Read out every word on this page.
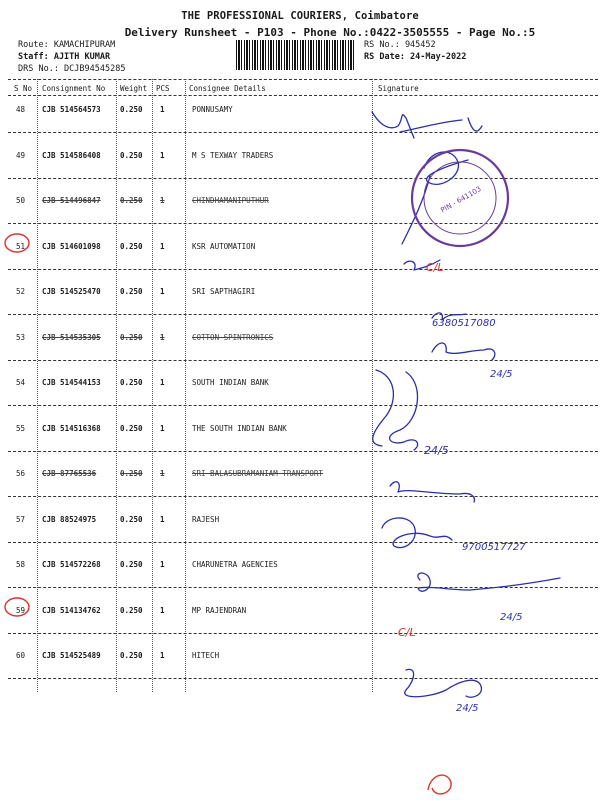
THE PROFESSIONAL COURIERS, Coimbatore
Delivery Runsheet - P103 - Phone No.:0422-3505555 - Page No.:5
Route: KAMACHIPURAM
Staff: AJITH KUMAR
DRS No.: DCJB94545285
RS No.: 945452
RS Date: 24-May-2022
S No Consignment No Weight PCS	Consignee Details	Signature
48 CJB 514564573	0.250 1	PONNUSAMY
49 CJB 514586408	0.250 1	M S TEXWAY TRADERS
50 CJB 514496847	0.250 1	CHINDHAMANIPUTHUR
51 CJB 514601098	0.250 1	KSR AUTOMATION
52 CJB 514525470	0.250 1	SRI SAPTHAGIRI
53 CJB 514535305	0.250 1	COTTON SPINTRONICS
54 CJB 514544153	0.250 1	SOUTH INDIAN BANK
55 CJB 514516368	0.250 1	THE SOUTH INDIAN BANK
56 CJB 87765536	0.250 1	SRI BALASUBRAMANIAM TRANSPORT
57 CJB 88524975	0.250 1	RAJESH
58 CJB 514572268	0.250 1	CHARUNETRA AGENCIES
59 CJB 514134762	0.250 1	MP RAJENDRAN
60 CJB 514525489	0.250 1	HITECH
6380517080
24/5
24/5
9700517727
24/5
24/5
PIN - 641103
C/L
C/L
